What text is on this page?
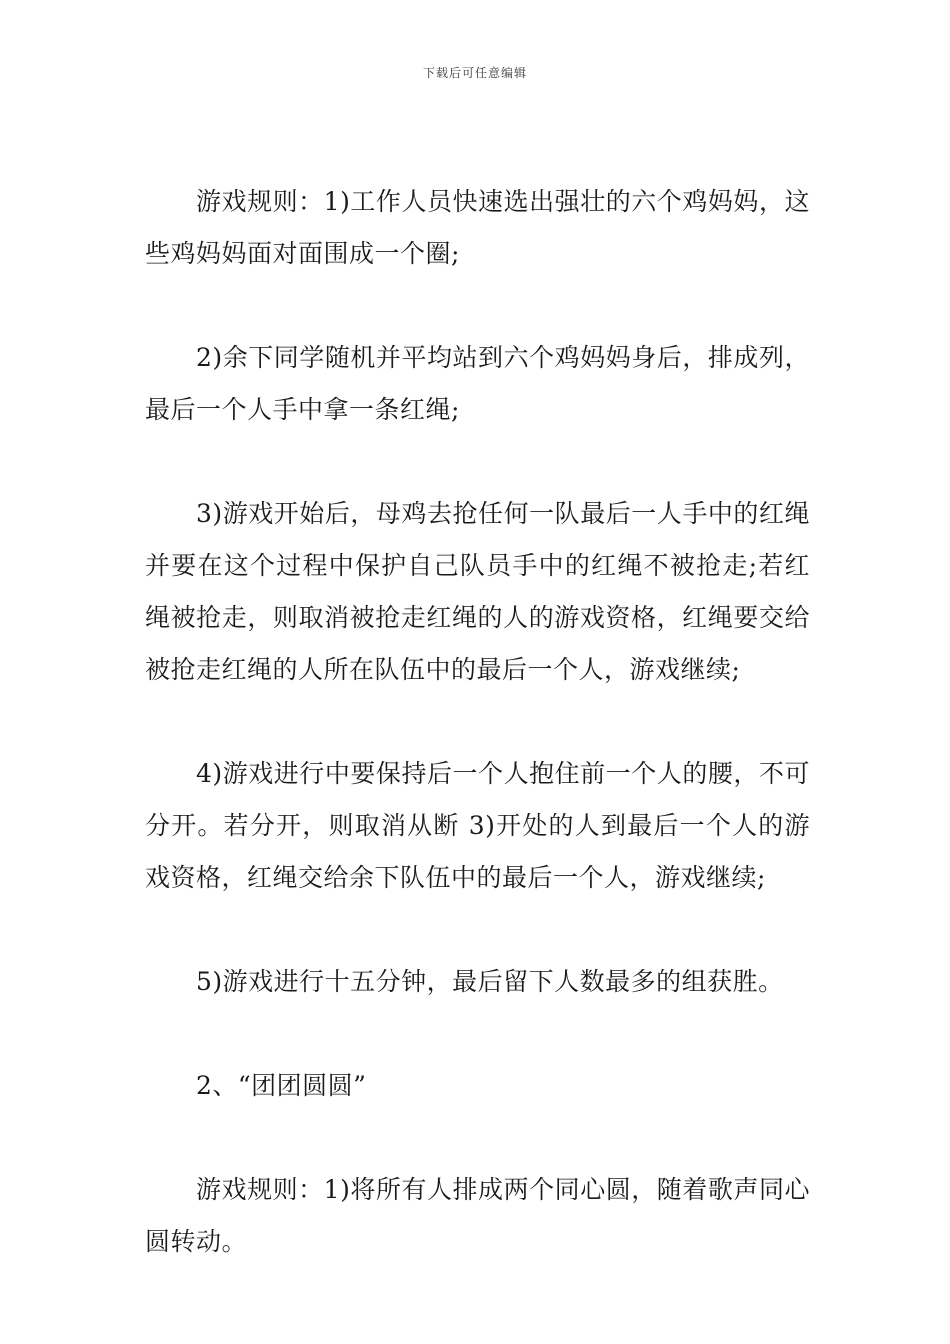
下载后可任意编辑

游戏规则：1)工作人员快速选出强壮的六个鸡妈妈，这些鸡妈妈面对面围成一个圈;

2)余下同学随机并平均站到六个鸡妈妈身后，排成列，最后一个人手中拿一条红绳;

3)游戏开始后，母鸡去抢任何一队最后一人手中的红绳并要在这个过程中保护自己队员手中的红绳不被抢走;若红绳被抢走，则取消被抢走红绳的人的游戏资格，红绳要交给被抢走红绳的人所在队伍中的最后一个人，游戏继续;

4)游戏进行中要保持后一个人抱住前一个人的腰，不可分开。若分开，则取消从断 3)开处的人到最后一个人的游戏资格，红绳交给余下队伍中的最后一个人，游戏继续;

5)游戏进行十五分钟，最后留下人数最多的组获胜。

2、“团团圆圆”

游戏规则：1)将所有人排成两个同心圆，随着歌声同心圆转动。
